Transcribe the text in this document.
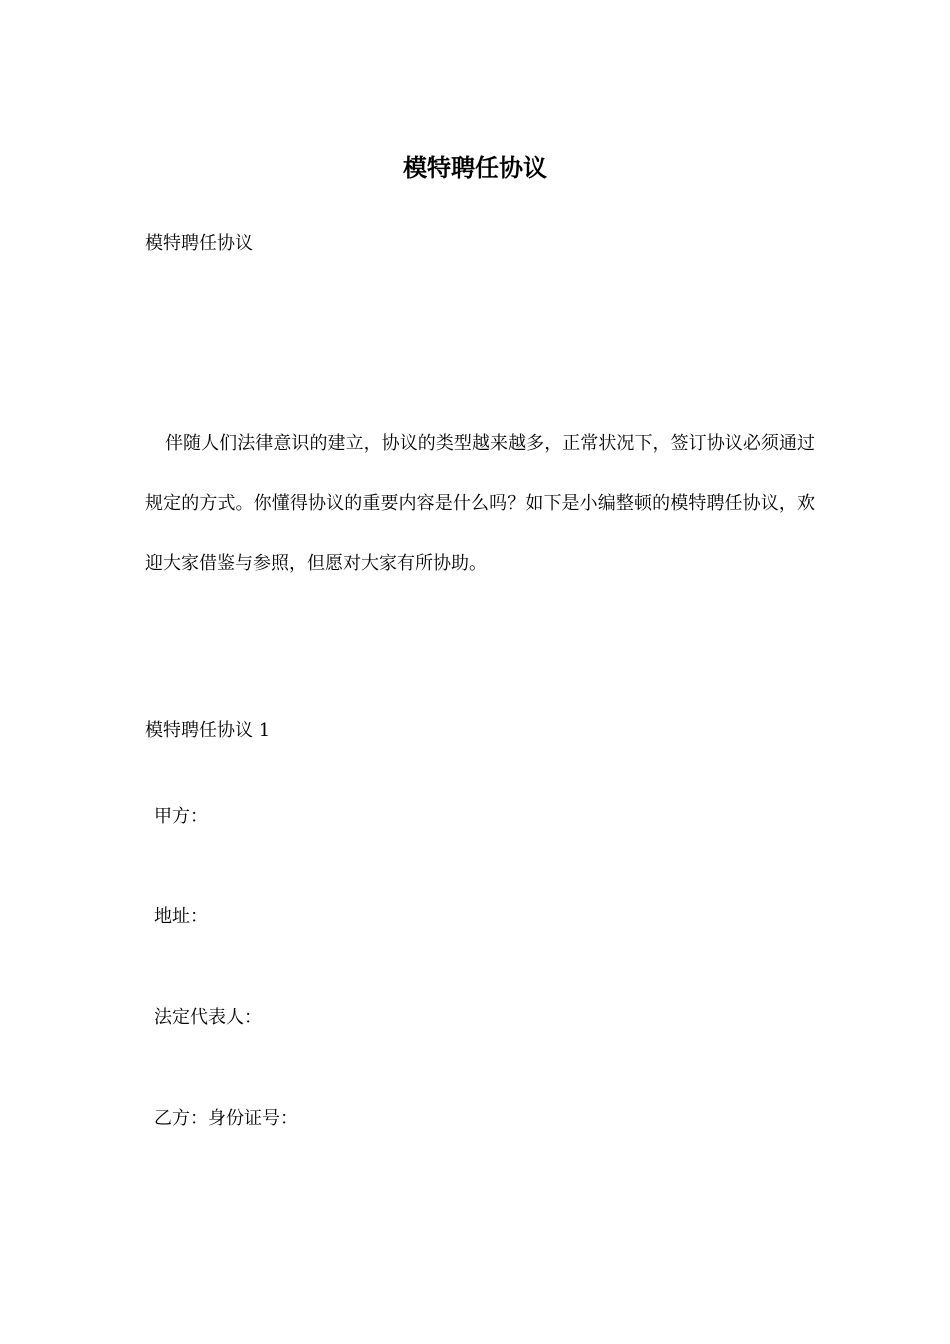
模特聘任协议

模特聘任协议

伴随人们法律意识的建立，协议的类型越来越多，正常状况下，签订协议必须通过规定的方式。你懂得协议的重要内容是什么吗？如下是小编整顿的模特聘任协议，欢迎大家借鉴与参照，但愿对大家有所协助。

模特聘任协议 1

甲方：

地址：

法定代表人：

乙方：身份证号：
